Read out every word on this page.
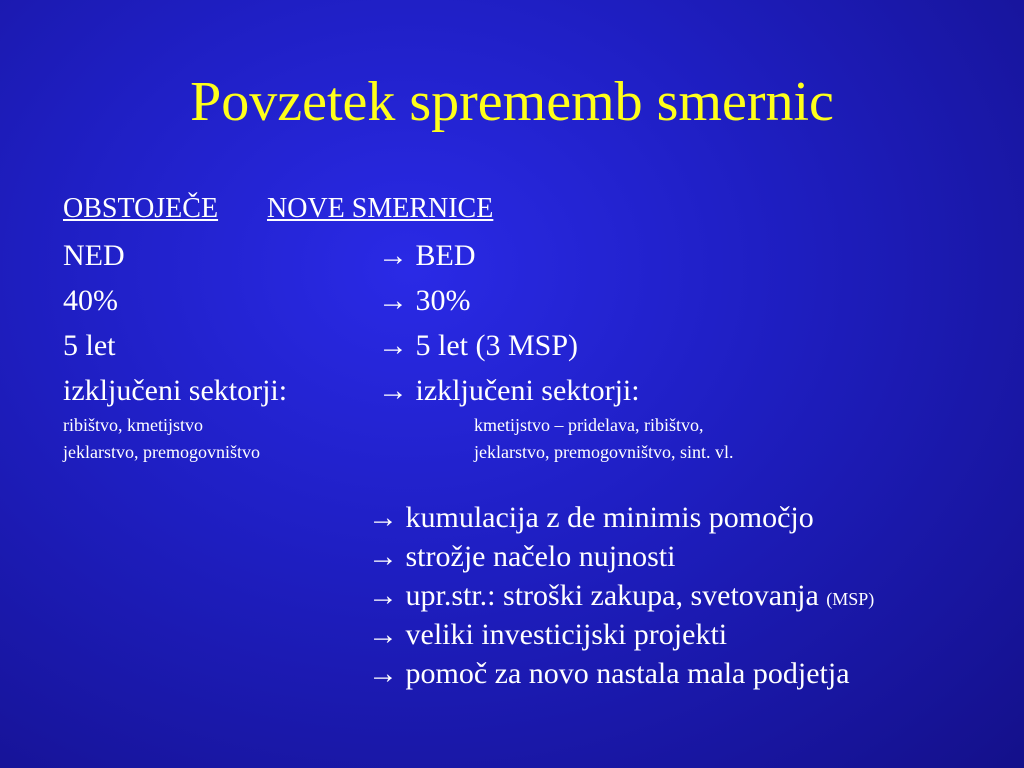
Povzetek sprememb smernic
OBSTOJEČE NOVE SMERNICE
NED	→ BED
40%	→ 30%
5 let	→ 5 let (3 MSP)
izključeni sektorji:	→ izključeni sektorji:
ribištvo, kmetijstvo	kmetijstvo – pridelava, ribištvo,
jeklarstvo, premogovništvo	jeklarstvo, premogovništvo, sint. vl.
→ kumulacija z de minimis pomočjo
→ strožje načelo nujnosti
→ upr.str.: stroški zakupa, svetovanja (MSP)
→ veliki investicijski projekti
→ pomoč za novo nastala mala podjetja
